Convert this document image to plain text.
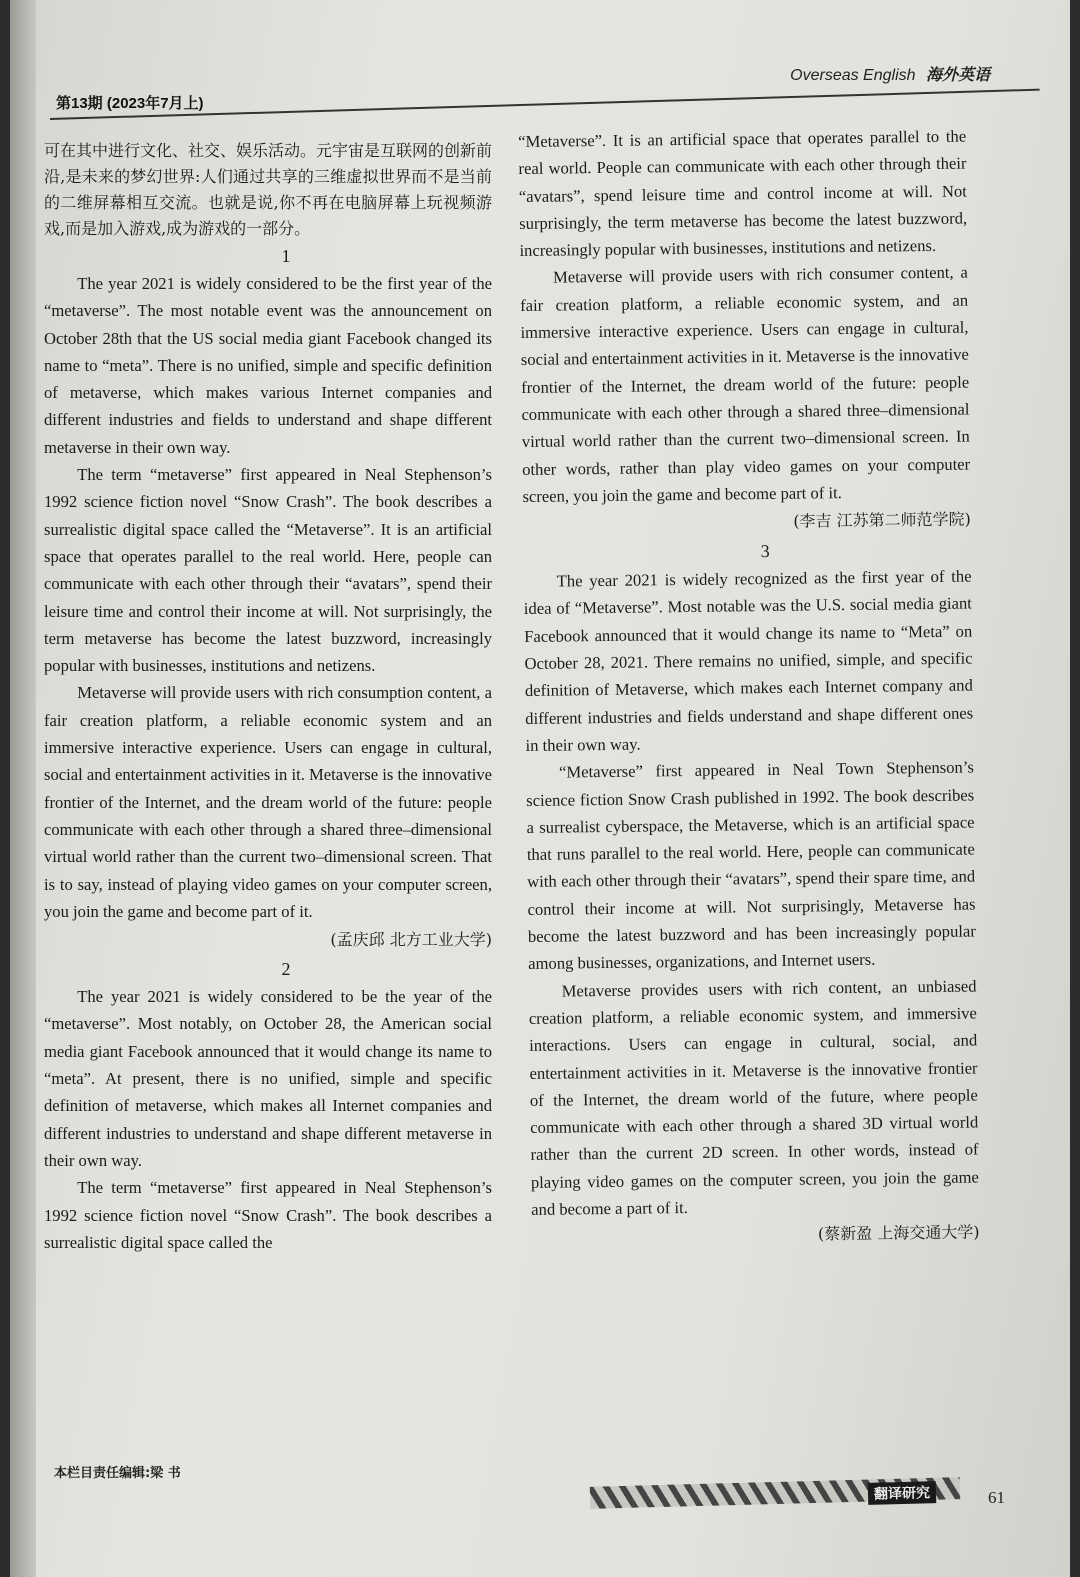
Overseas English 海外英语
第13期 (2023年7月上)

可在其中进行文化、社交、娱乐活动。元宇宙是互联网的创新前沿,是未来的梦幻世界:人们通过共享的三维虚拟世界而不是当前的二维屏幕相互交流。也就是说,你不再在电脑屏幕上玩视频游戏,而是加入游戏,成为游戏的一部分。

1

The year 2021 is widely considered to be the first year of the “metaverse”. The most notable event was the announcement on October 28th that the US social media giant Facebook changed its name to “meta”. There is no unified, simple and specific definition of metaverse, which makes various Internet companies and different industries and fields to understand and shape different metaverse in their own way.

The term “metaverse” first appeared in Neal Stephenson’s 1992 science fiction novel “Snow Crash”. The book describes a surrealistic digital space called the “Metaverse”. It is an artificial space that operates parallel to the real world. Here, people can communicate with each other through their “avatars”, spend their leisure time and control their income at will. Not surprisingly, the term metaverse has become the latest buzzword, increasingly popular with businesses, institutions and netizens.

Metaverse will provide users with rich consumption content, a fair creation platform, a reliable economic system and an immersive interactive experience. Users can engage in cultural, social and entertainment activities in it. Metaverse is the innovative frontier of the Internet, and the dream world of the future: people communicate with each other through a shared three–dimensional virtual world rather than the current two–dimensional screen. That is to say, instead of playing video games on your computer screen, you join the game and become part of it.

(孟庆邱 北方工业大学)

2

The year 2021 is widely considered to be the year of the “metaverse”. Most notably, on October 28, the American social media giant Facebook announced that it would change its name to “meta”. At present, there is no unified, simple and specific definition of metaverse, which makes all Internet companies and different industries to understand and shape different metaverse in their own way.

The term “metaverse” first appeared in Neal Stephenson’s 1992 science fiction novel “Snow Crash”. The book describes a surrealistic digital space called the

“Metaverse”. It is an artificial space that operates parallel to the real world. People can communicate with each other through their “avatars”, spend leisure time and control income at will. Not surprisingly, the term metaverse has become the latest buzzword, increasingly popular with businesses, institutions and netizens.

Metaverse will provide users with rich consumer content, a fair creation platform, a reliable economic system, and an immersive interactive experience. Users can engage in cultural, social and entertainment activities in it. Metaverse is the innovative frontier of the Internet, the dream world of the future: people communicate with each other through a shared three–dimensional virtual world rather than the current two–dimensional screen. In other words, rather than play video games on your computer screen, you join the game and become part of it.

(李吉 江苏第二师范学院)

3

The year 2021 is widely recognized as the first year of the idea of “Metaverse”. Most notable was the U.S. social media giant Facebook announced that it would change its name to “Meta” on October 28, 2021. There remains no unified, simple, and specific definition of Metaverse, which makes each Internet company and different industries and fields understand and shape different ones in their own way.

“Metaverse” first appeared in Neal Town Stephenson’s science fiction Snow Crash published in 1992. The book describes a surrealist cyberspace, the Metaverse, which is an artificial space that runs parallel to the real world. Here, people can communicate with each other through their “avatars”, spend their spare time, and control their income at will. Not surprisingly, Metaverse has become the latest buzzword and has been increasingly popular among businesses, organizations, and Internet users.

Metaverse provides users with rich content, an unbiased creation platform, a reliable economic system, and immersive interactions. Users can engage in cultural, social, and entertainment activities in it. Metaverse is the innovative frontier of the Internet, the dream world of the future, where people communicate with each other through a shared 3D virtual world rather than the current 2D screen. In other words, instead of playing video games on the computer screen, you join the game and become a part of it.

(蔡新盈 上海交通大学)

本栏目责任编辑:梁 书
翻译研究	61
